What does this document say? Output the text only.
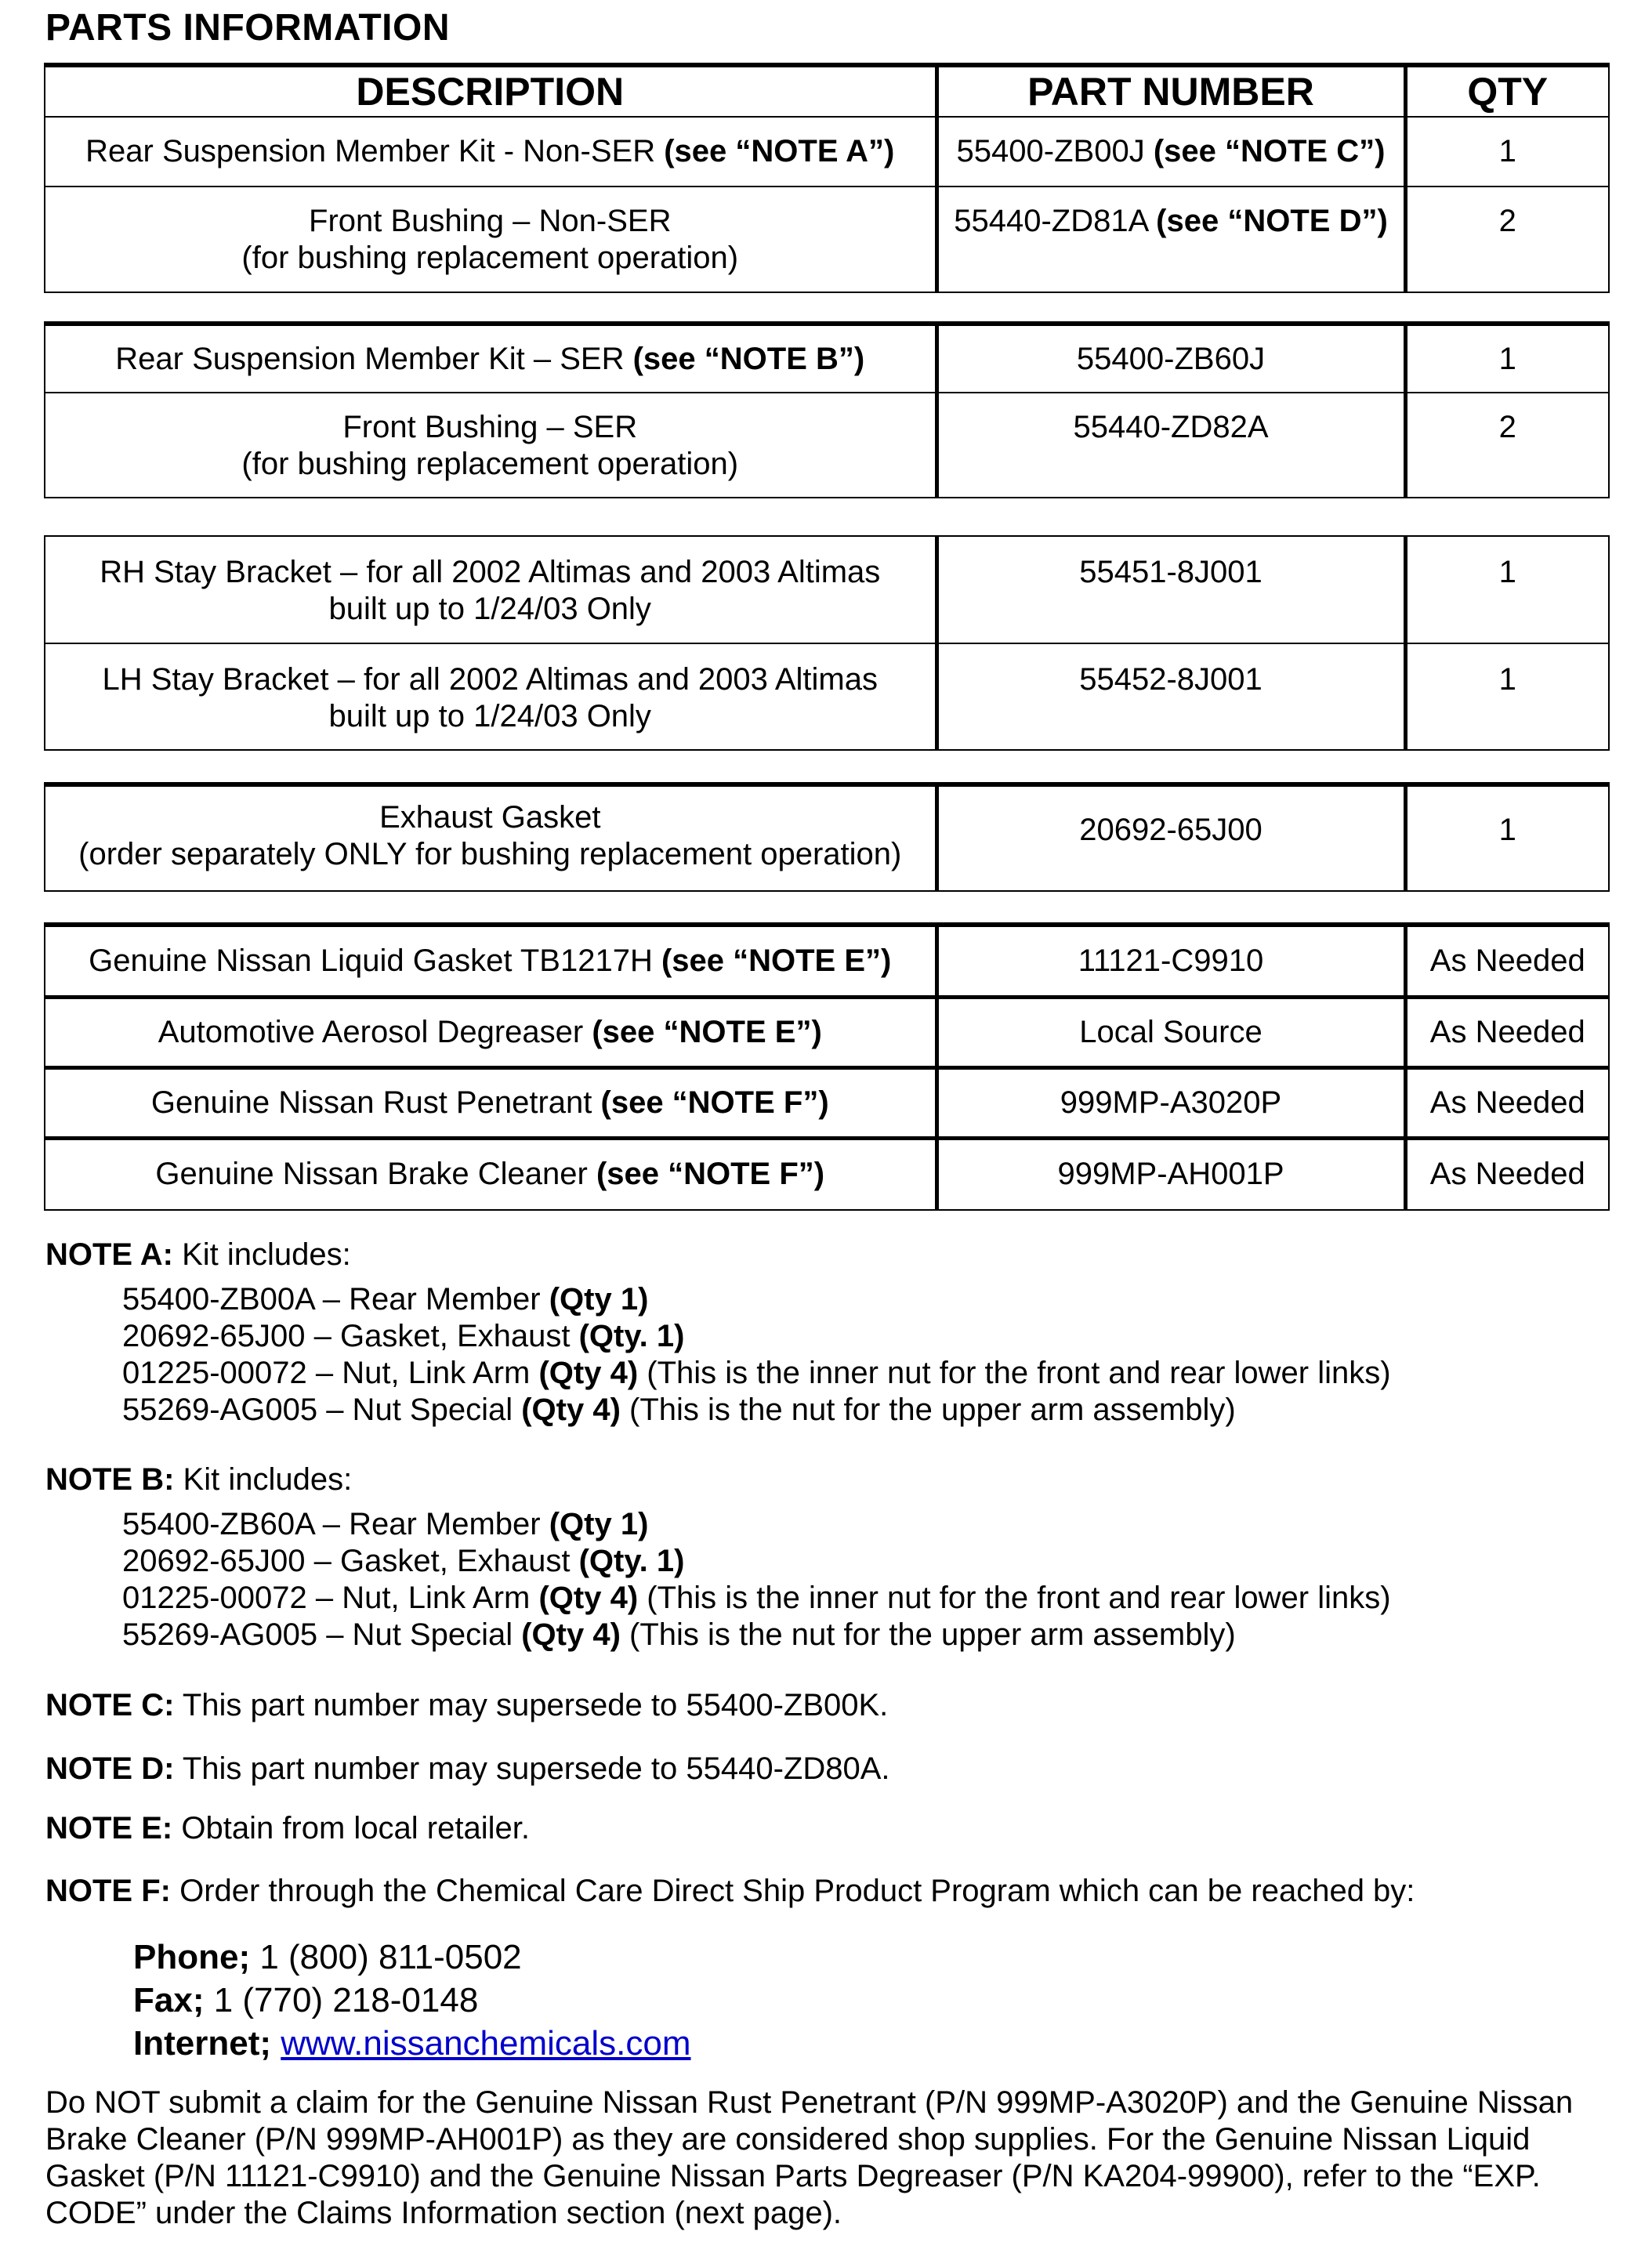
PARTS INFORMATION
DESCRIPTION	PART NUMBER	QTY
Rear Suspension Member Kit - Non-SER (see “NOTE A”)	55400-ZB00J (see “NOTE C”)	1

Front Bushing – Non-SER
(for bushing replacement operation)	55440-ZD81A (see “NOTE D”)	2
Rear Suspension Member Kit – SER (see “NOTE B”)	55400-ZB60J	1

Front Bushing – SER
(for bushing replacement operation)	55440-ZD82A	2
RH Stay Bracket – for all 2002 Altimas and 2003 Altimas
built up to 1/24/03 Only	55451-8J001	1

LH Stay Bracket – for all 2002 Altimas and 2003 Altimas
built up to 1/24/03 Only	55452-8J001	1
Exhaust Gasket
(order separately ONLY for bushing replacement operation)
	20692-65J00	1
Genuine Nissan Liquid Gasket TB1217H (see “NOTE E”)	11121-C9910	As Needed
Automotive Aerosol Degreaser (see “NOTE E”)	Local Source	As Needed
Genuine Nissan Rust Penetrant (see “NOTE F”)	999MP-A3020P	As Needed
Genuine Nissan Brake Cleaner (see “NOTE F”)	999MP-AH001P	As Needed
NOTE A: Kit includes:
55400-ZB00A – Rear Member (Qty 1)
20692-65J00 – Gasket, Exhaust (Qty. 1)
01225-00072 – Nut, Link Arm (Qty 4) (This is the inner nut for the front and rear lower links)
55269-AG005 – Nut Special (Qty 4) (This is the nut for the upper arm assembly)
NOTE B: Kit includes:
55400-ZB60A – Rear Member (Qty 1)
20692-65J00 – Gasket, Exhaust (Qty. 1)
01225-00072 – Nut, Link Arm (Qty 4) (This is the inner nut for the front and rear lower links)
55269-AG005 – Nut Special (Qty 4) (This is the nut for the upper arm assembly)
NOTE C: This part number may supersede to 55400-ZB00K.
NOTE D: This part number may supersede to 55440-ZD80A.
NOTE E: Obtain from local retailer.
NOTE F: Order through the Chemical Care Direct Ship Product Program which can be reached by:
Phone; 1 (800) 811-0502
Fax; 1 (770) 218-0148
Internet; www.nissanchemicals.com
Do NOT submit a claim for the Genuine Nissan Rust Penetrant (P/N 999MP-A3020P) and the Genuine Nissan Brake Cleaner (P/N 999MP-AH001P) as they are considered shop supplies. For the Genuine Nissan Liquid Gasket (P/N 11121-C9910) and the Genuine Nissan Parts Degreaser (P/N KA204-99900), refer to the “EXP. CODE” under the Claims Information section (next page).
